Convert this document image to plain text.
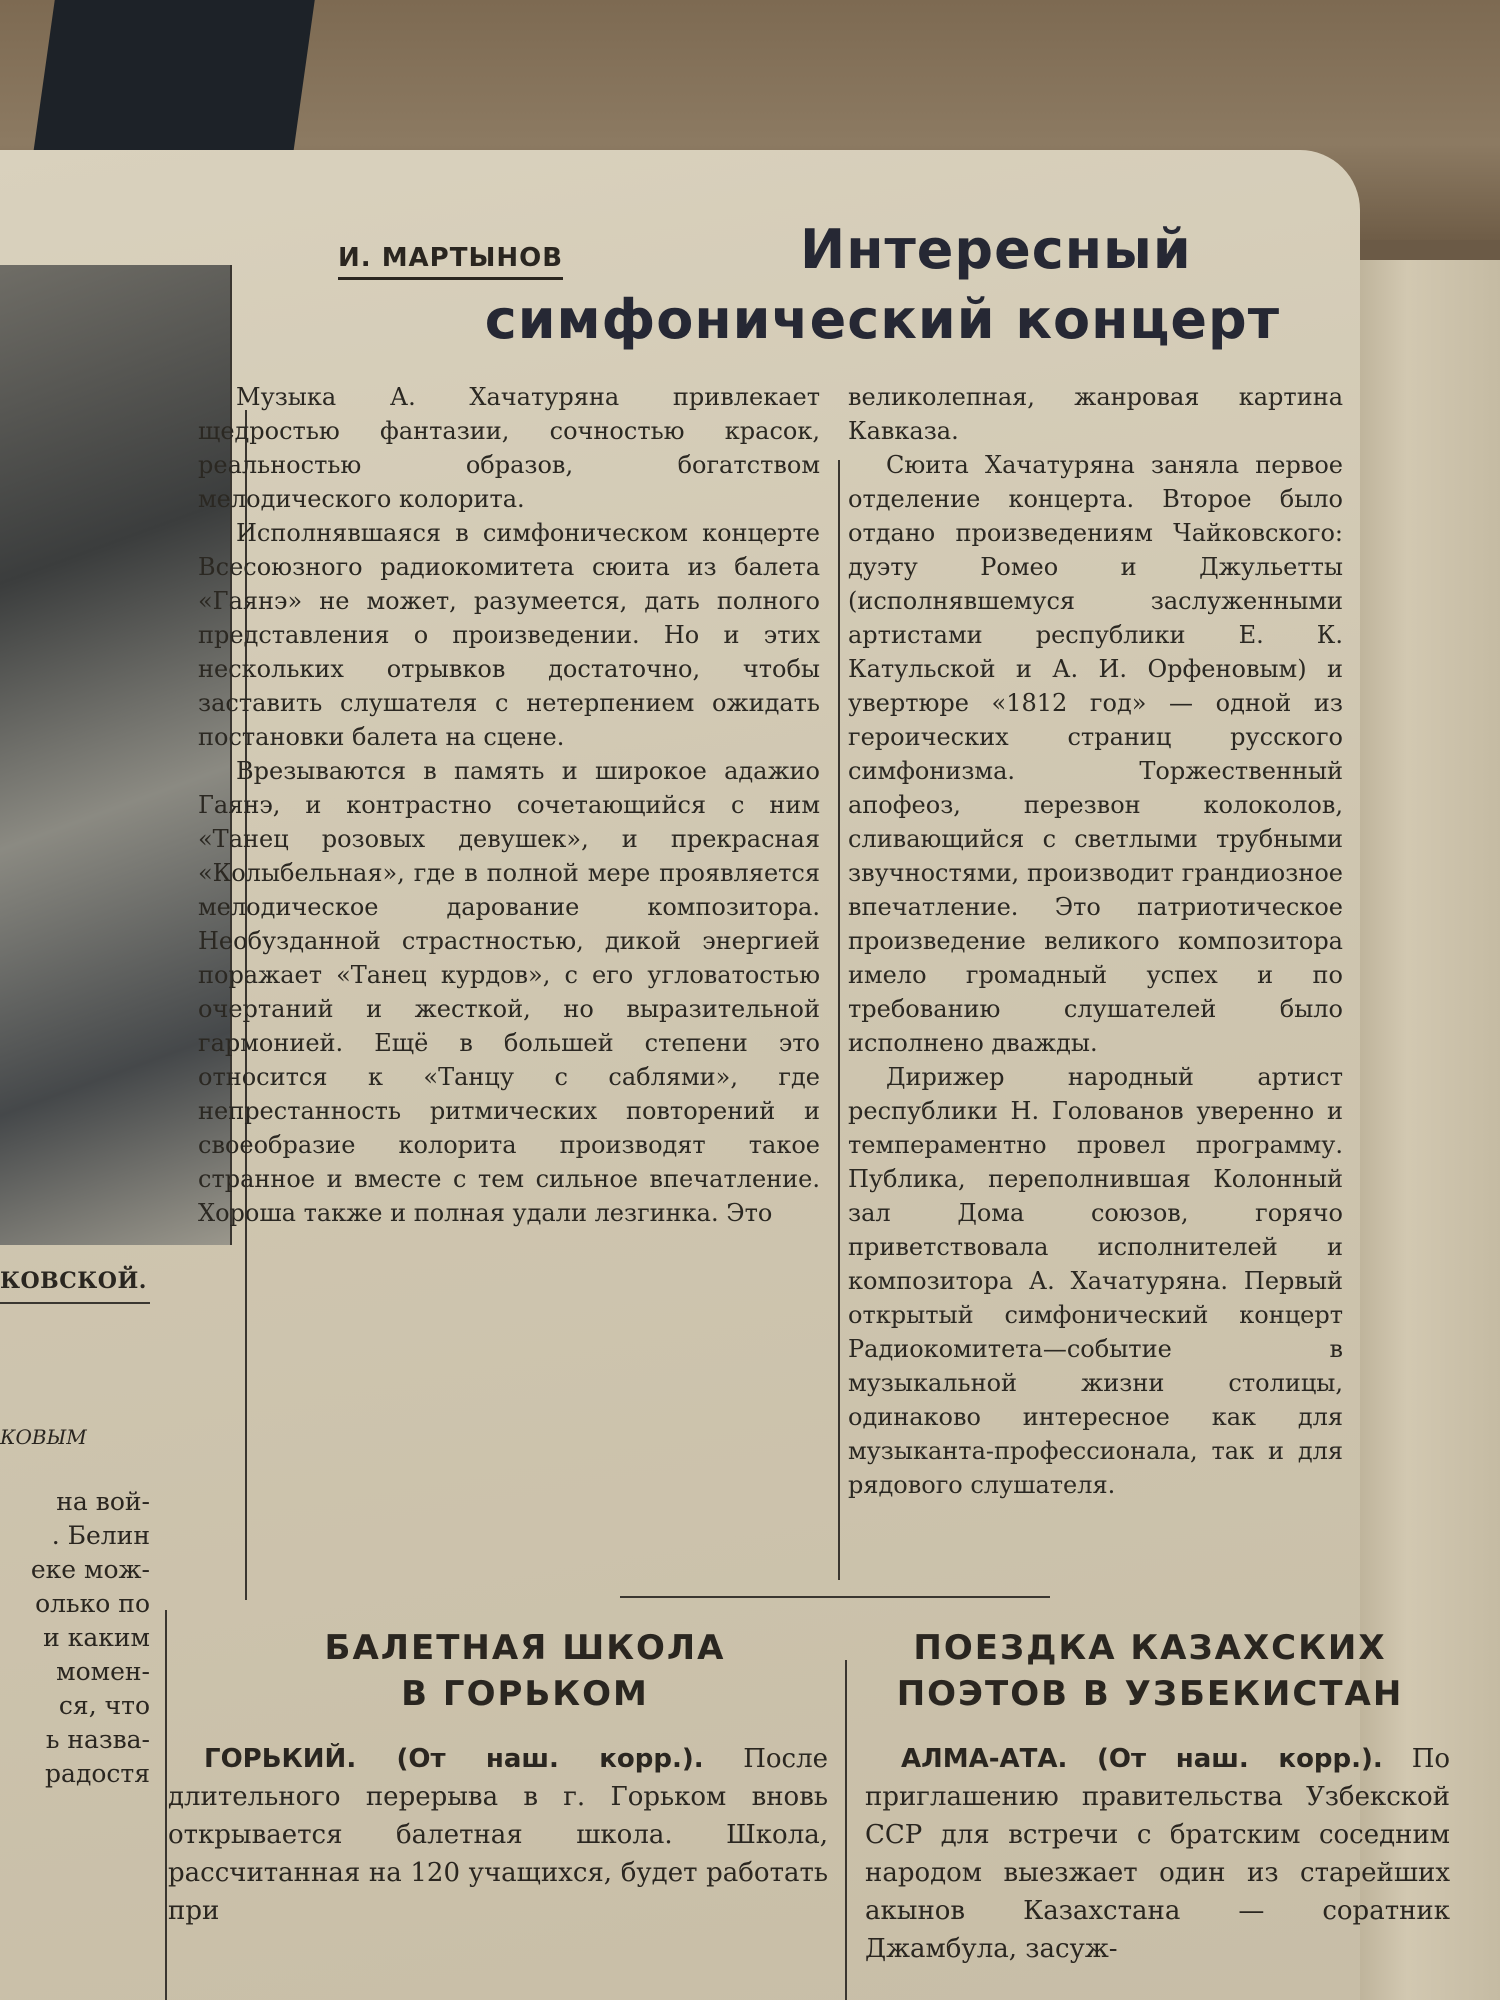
КОВСКОЙ.
КОВЫМ
на вой-
. Белин
еке мож-
олько по
и каким
момен-
ся, что
ь назва-
радостя
И. МАРТЫНОВ	Интересный
симфонический концерт

Музыка А. Хачатуряна привлекает щедростью фантазии, сочностью красок, реальностью образов, богатством мелодического колорита.

Исполнявшаяся в симфоническом концерте Всесоюзного радиокомитета сюита из балета «Гаянэ» не может, разумеется, дать полного представления о произведении. Но и этих нескольких отрывков достаточно, чтобы заставить слушателя с нетерпением ожидать постановки балета на сцене.

Врезываются в память и широкое адажио Гаянэ, и контрастно сочетающийся с ним «Танец розовых девушек», и прекрасная «Колыбельная», где в полной мере проявляется мелодическое дарование композитора. Необузданной страстностью, дикой энергией поражает «Танец курдов», с его угловатостью очертаний и жесткой, но выразительной гармонией. Ещё в большей степени это относится к «Танцу с саблями», где непрестанность ритмических повторений и своеобразие колорита производят такое странное и вместе с тем сильное впечатление. Хороша также и полная удали лезгинка. Это

великолепная, жанровая картина Кавказа.

Сюита Хачатуряна заняла первое отделение концерта. Второе было отдано произведениям Чайковского: дуэту Ромео и Джульетты (исполнявшемуся заслуженными артистами республики Е. К. Катульской и А. И. Орфеновым) и увертюре «1812 год» — одной из героических страниц русского симфонизма. Торжественный апофеоз, перезвон колоколов, сливающийся с светлыми трубными звучностями, производит грандиозное впечатление. Это патриотическое произведение великого композитора имело громадный успех и по требованию слушателей было исполнено дважды.

Дирижер народный артист республики Н. Голованов уверенно и темпераментно провел программу. Публика, переполнившая Колонный зал Дома союзов, горячо приветствовала исполнителей и композитора А. Хачатуряна. Первый открытый симфонический концерт Радиокомитета—событие в музыкальной жизни столицы, одинаково интересное как для музыканта-профессионала, так и для рядового слушателя.

БАЛЕТНАЯ ШКОЛА
В ГОРЬКОМ

ГОРЬКИЙ. (От наш. корр.). После длительного перерыва в г. Горьком вновь открывается балетная школа. Школа, рассчитанная на 120 учащихся, будет работать при

ПОЕЗДКА КАЗАХСКИХ
ПОЭТОВ В УЗБЕКИСТАН

АЛМА-АТА. (От наш. корр.). По приглашению правительства Узбекской ССР для встречи с братским соседним народом выезжает один из старейших акынов Казахстана — соратник Джамбула, засуж-
